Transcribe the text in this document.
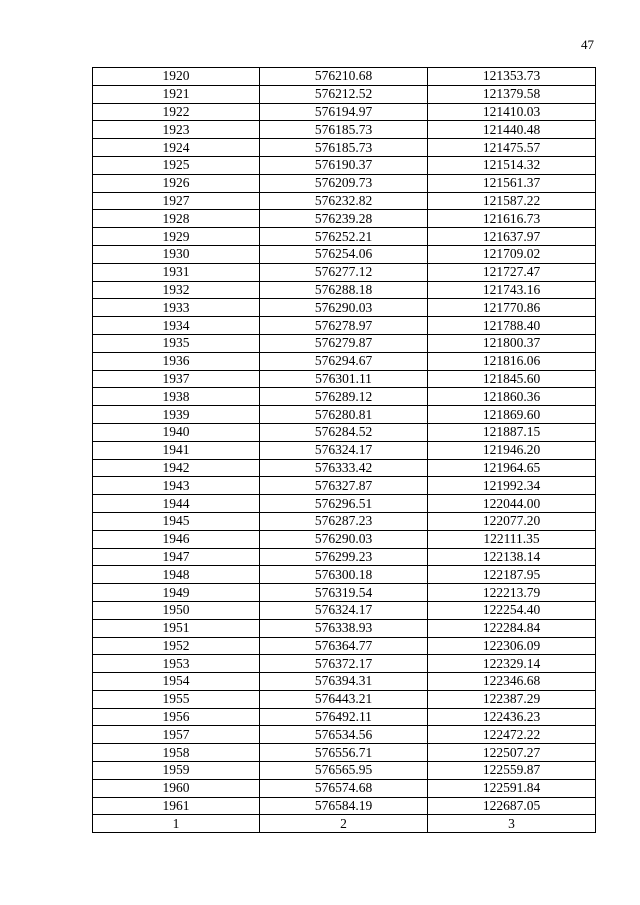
47
1920	576210.68	121353.73
1921	576212.52	121379.58
1922	576194.97	121410.03
1923	576185.73	121440.48
1924	576185.73	121475.57
1925	576190.37	121514.32
1926	576209.73	121561.37
1927	576232.82	121587.22
1928	576239.28	121616.73
1929	576252.21	121637.97
1930	576254.06	121709.02
1931	576277.12	121727.47
1932	576288.18	121743.16
1933	576290.03	121770.86
1934	576278.97	121788.40
1935	576279.87	121800.37
1936	576294.67	121816.06
1937	576301.11	121845.60
1938	576289.12	121860.36
1939	576280.81	121869.60
1940	576284.52	121887.15
1941	576324.17	121946.20
1942	576333.42	121964.65
1943	576327.87	121992.34
1944	576296.51	122044.00
1945	576287.23	122077.20
1946	576290.03	122111.35
1947	576299.23	122138.14
1948	576300.18	122187.95
1949	576319.54	122213.79
1950	576324.17	122254.40
1951	576338.93	122284.84
1952	576364.77	122306.09
1953	576372.17	122329.14
1954	576394.31	122346.68
1955	576443.21	122387.29
1956	576492.11	122436.23
1957	576534.56	122472.22
1958	576556.71	122507.27
1959	576565.95	122559.87
1960	576574.68	122591.84
1961	576584.19	122687.05
1	2	3
